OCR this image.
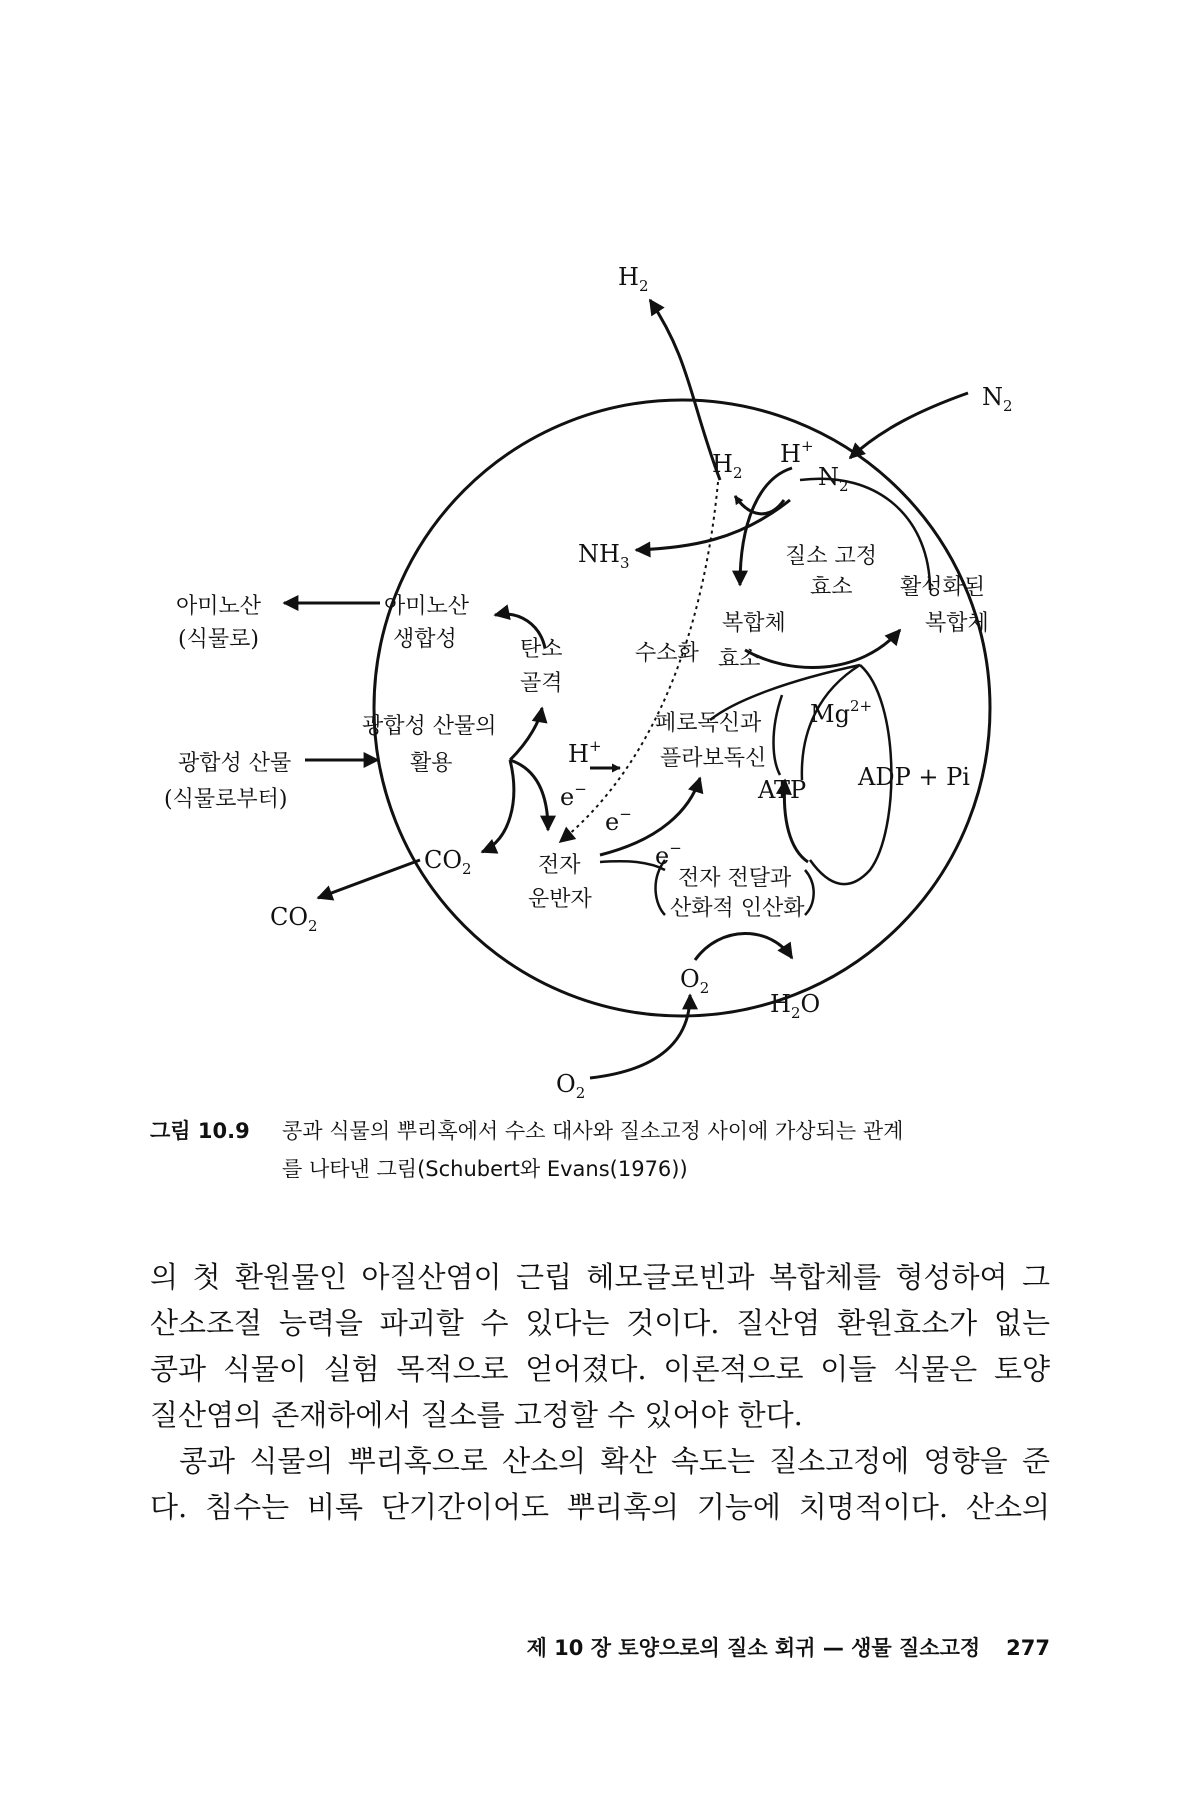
$H_2$
$N_2$
$H_2$
H+
$N_2$
$NH_3$	질소 고정
효소 활성화된
복합체
복합체
수소화 효소
아미노산
(식물로)
아미노산
생합성	탄소
골격
광합성 산물
(식물로부터)
광합성 산물의
활용	H+
e−
e−
e−
페로독신과
플라보독신
$Mg^{2+}$
ATP ADP + Pi
$CO_2$
$CO_2$
전자
운반자
전자 전달과
산화적 인산화
$O_2$
$H_2O$
$O_2$
그림 10.9 콩과 식물의 뿌리혹에서 수소 대사와 질소고정 사이에 가상되는 관계
를 나타낸 그림(Schubert와 Evans(1976))

의 첫 환원물인 아질산염이 근립 헤모글로빈과 복합체를 형성하여 그

산소조절 능력을 파괴할 수 있다는 것이다. 질산염 환원효소가 없는

콩과 식물이 실험 목적으로 얻어졌다. 이론적으로 이들 식물은 토양

질산염의 존재하에서 질소를 고정할 수 있어야 한다.

콩과 식물의 뿌리혹으로 산소의 확산 속도는 질소고정에 영향을 준

다. 침수는 비록 단기간이어도 뿌리혹의 기능에 치명적이다. 산소의

제 10 장 토양으로의 질소 회귀 — 생물 질소고정 277
